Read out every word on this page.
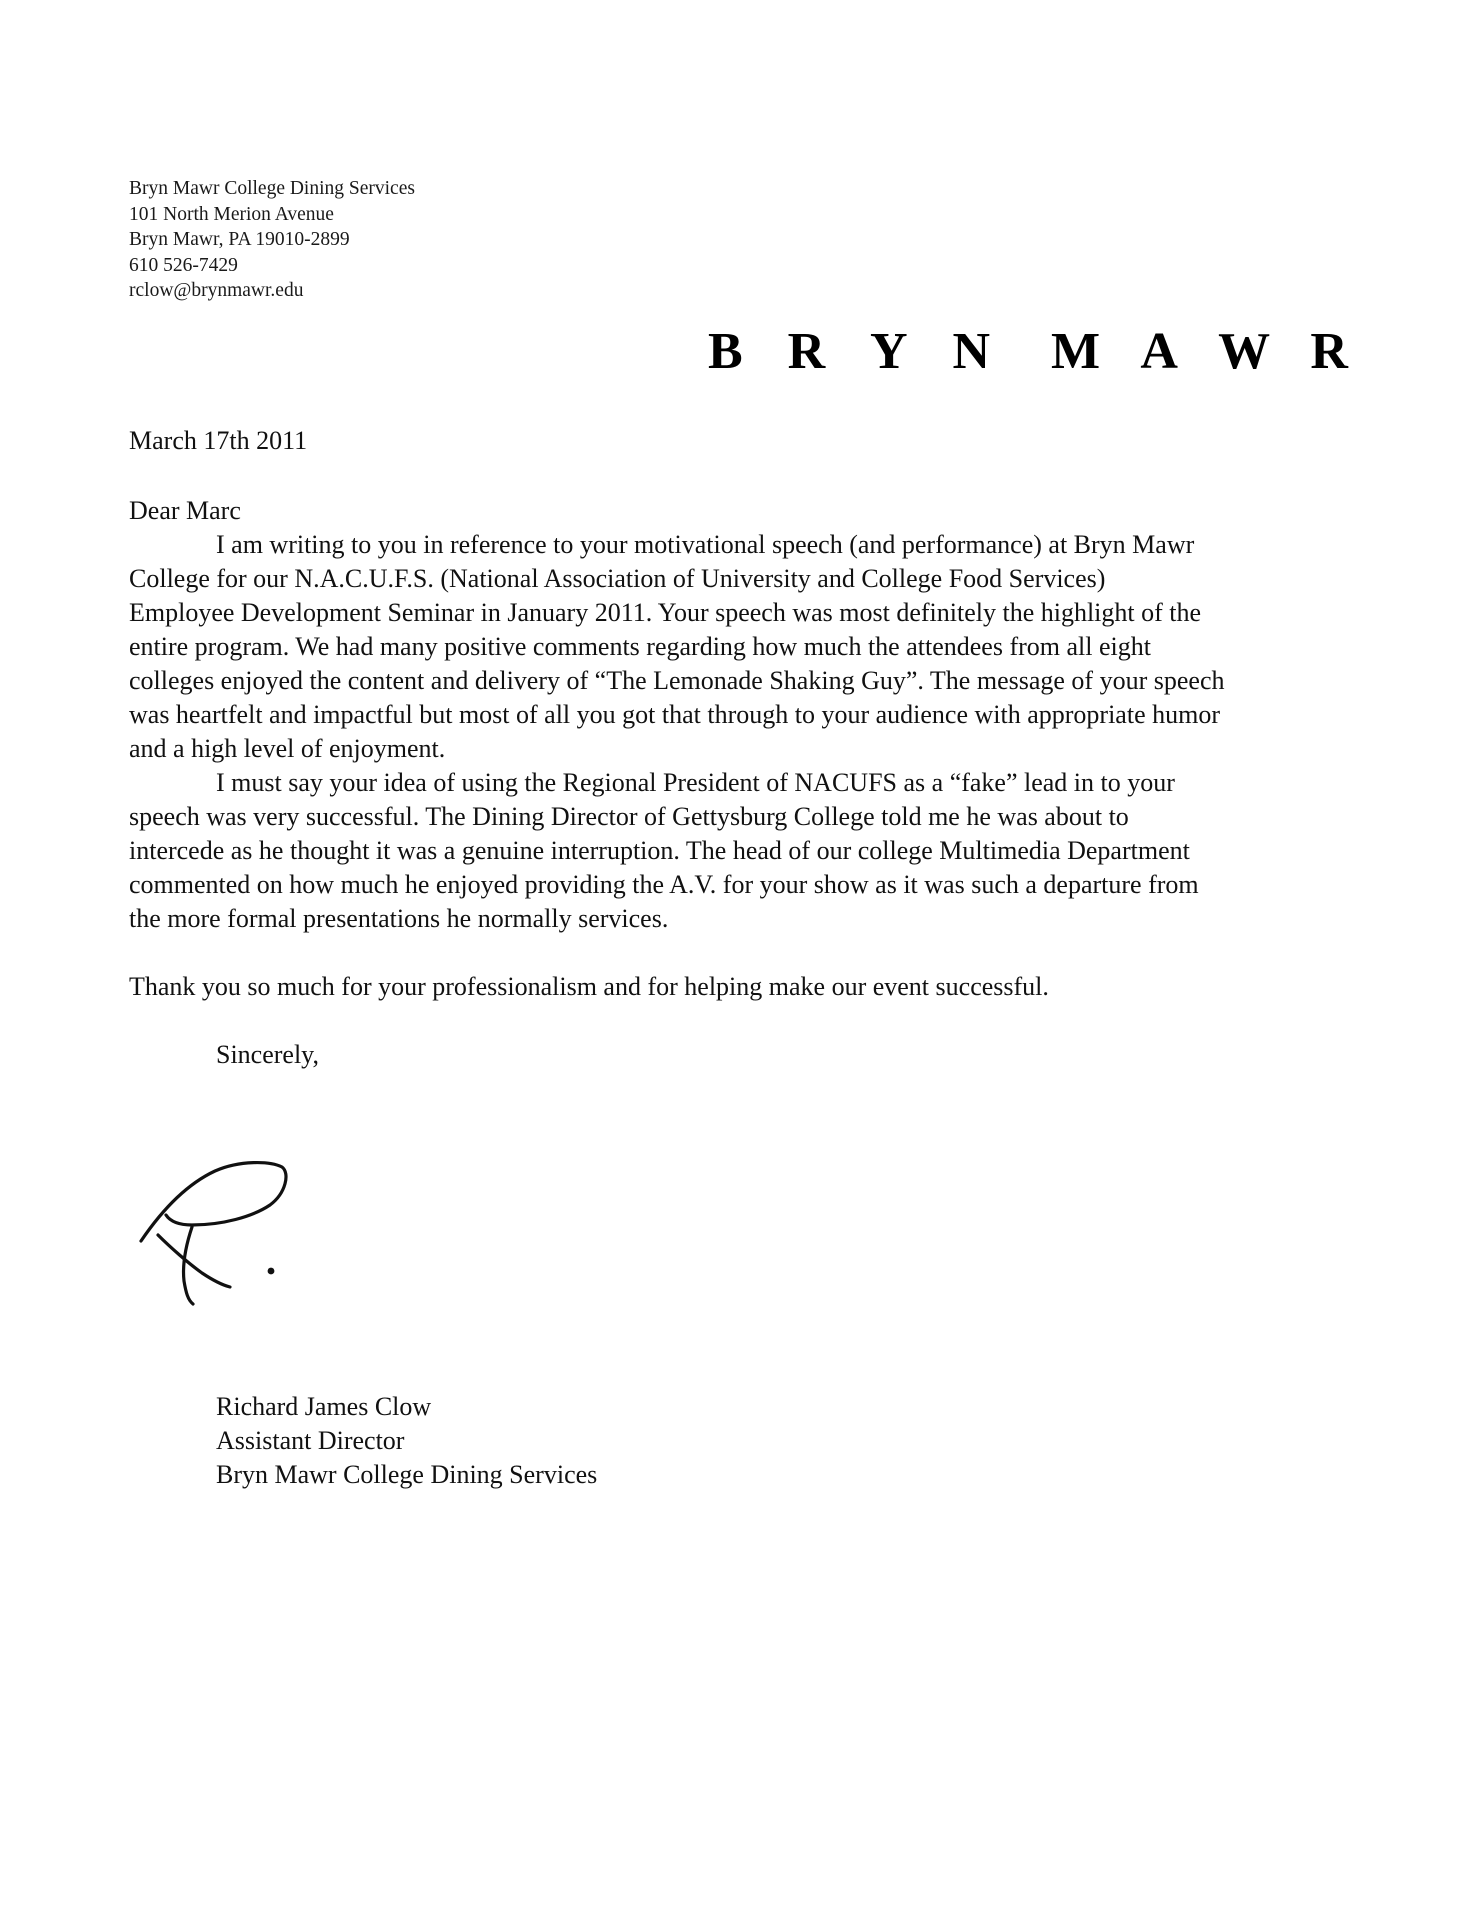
Bryn Mawr College Dining Services
101 North Merion Avenue
Bryn Mawr, PA 19010-2899
610 526-7429
rclow@brynmawr.edu
B R Y N M A W R
March 17th 2011
Dear Marc
I am writing to you in reference to your motivational speech (and performance) at Bryn Mawr
College for our N.A.C.U.F.S. (National Association of University and College Food Services)
Employee Development Seminar in January 2011. Your speech was most definitely the highlight of the
entire program. We had many positive comments regarding how much the attendees from all eight
colleges enjoyed the content and delivery of “The Lemonade Shaking Guy”. The message of your speech
was heartfelt and impactful but most of all you got that through to your audience with appropriate humor
and a high level of enjoyment.
I must say your idea of using the Regional President of NACUFS as a “fake” lead in to your
speech was very successful. The Dining Director of Gettysburg College told me he was about to
intercede as he thought it was a genuine interruption. The head of our college Multimedia Department
commented on how much he enjoyed providing the A.V. for your show as it was such a departure from
the more formal presentations he normally services.
Thank you so much for your professionalism and for helping make our event successful.
Sincerely,
Richard James Clow
Assistant Director
Bryn Mawr College Dining Services
